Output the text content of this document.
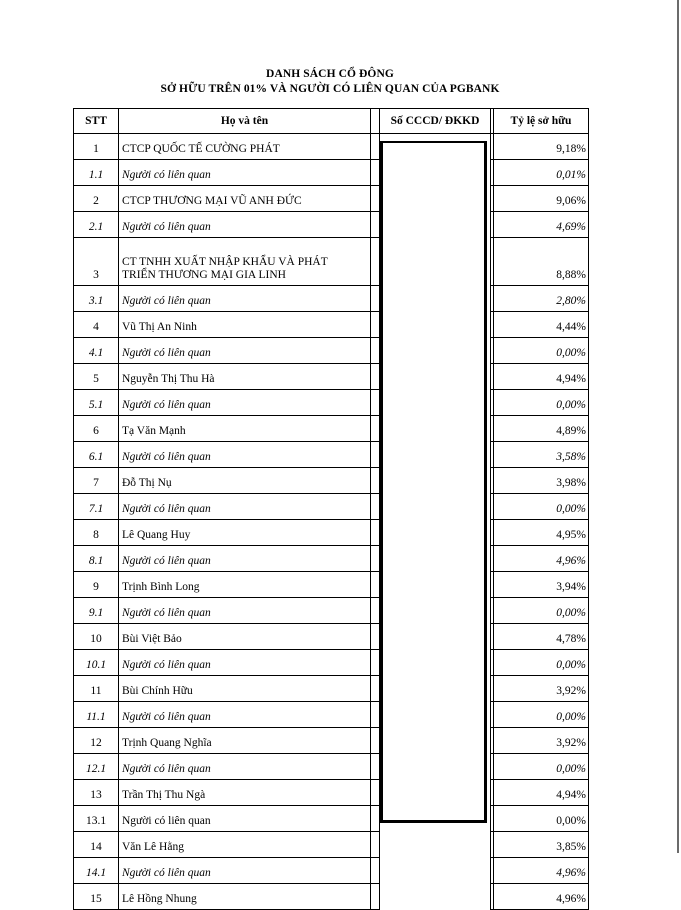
DANH SÁCH CỔ ĐÔNG
SỞ HỮU TRÊN 01% VÀ NGƯỜI CÓ LIÊN QUAN CỦA PGBANK
STT	Họ và tên		Số CCCD/ ĐKKD		Tỷ lệ sở hữu
1	CTCP QUỐC TẾ CƯỜNG PHÁT				9,18%
1.1	Người có liên quan				0,01%
2	CTCP THƯƠNG MẠI VŨ ANH ĐỨC				9,06%
2.1	Người có liên quan				4,69%
3	CT TNHH XUẤT NHẬP KHẨU VÀ PHÁT
TRIỂN THƯƠNG MẠI GIA LINH				8,88%
3.1	Người có liên quan				2,80%
4	Vũ Thị An Ninh				4,44%
4.1	Người có liên quan				0,00%
5	Nguyễn Thị Thu Hà				4,94%
5.1	Người có liên quan				0,00%
6	Tạ Văn Mạnh				4,89%
6.1	Người có liên quan				3,58%
7	Đỗ Thị Nụ				3,98%
7.1	Người có liên quan				0,00%
8	Lê Quang Huy				4,95%
8.1	Người có liên quan				4,96%
9	Trịnh Bình Long				3,94%
9.1	Người có liên quan				0,00%
10	Bùi Việt Bảo				4,78%
10.1	Người có liên quan				0,00%
11	Bùi Chính Hữu				3,92%
11.1	Người có liên quan				0,00%
12	Trịnh Quang Nghĩa				3,92%
12.1	Người có liên quan				0,00%
13	Trần Thị Thu Ngà				4,94%
13.1	Người có liên quan				0,00%
14	Văn Lê Hằng				3,85%
14.1	Người có liên quan				4,96%
15	Lê Hồng Nhung				4,96%
